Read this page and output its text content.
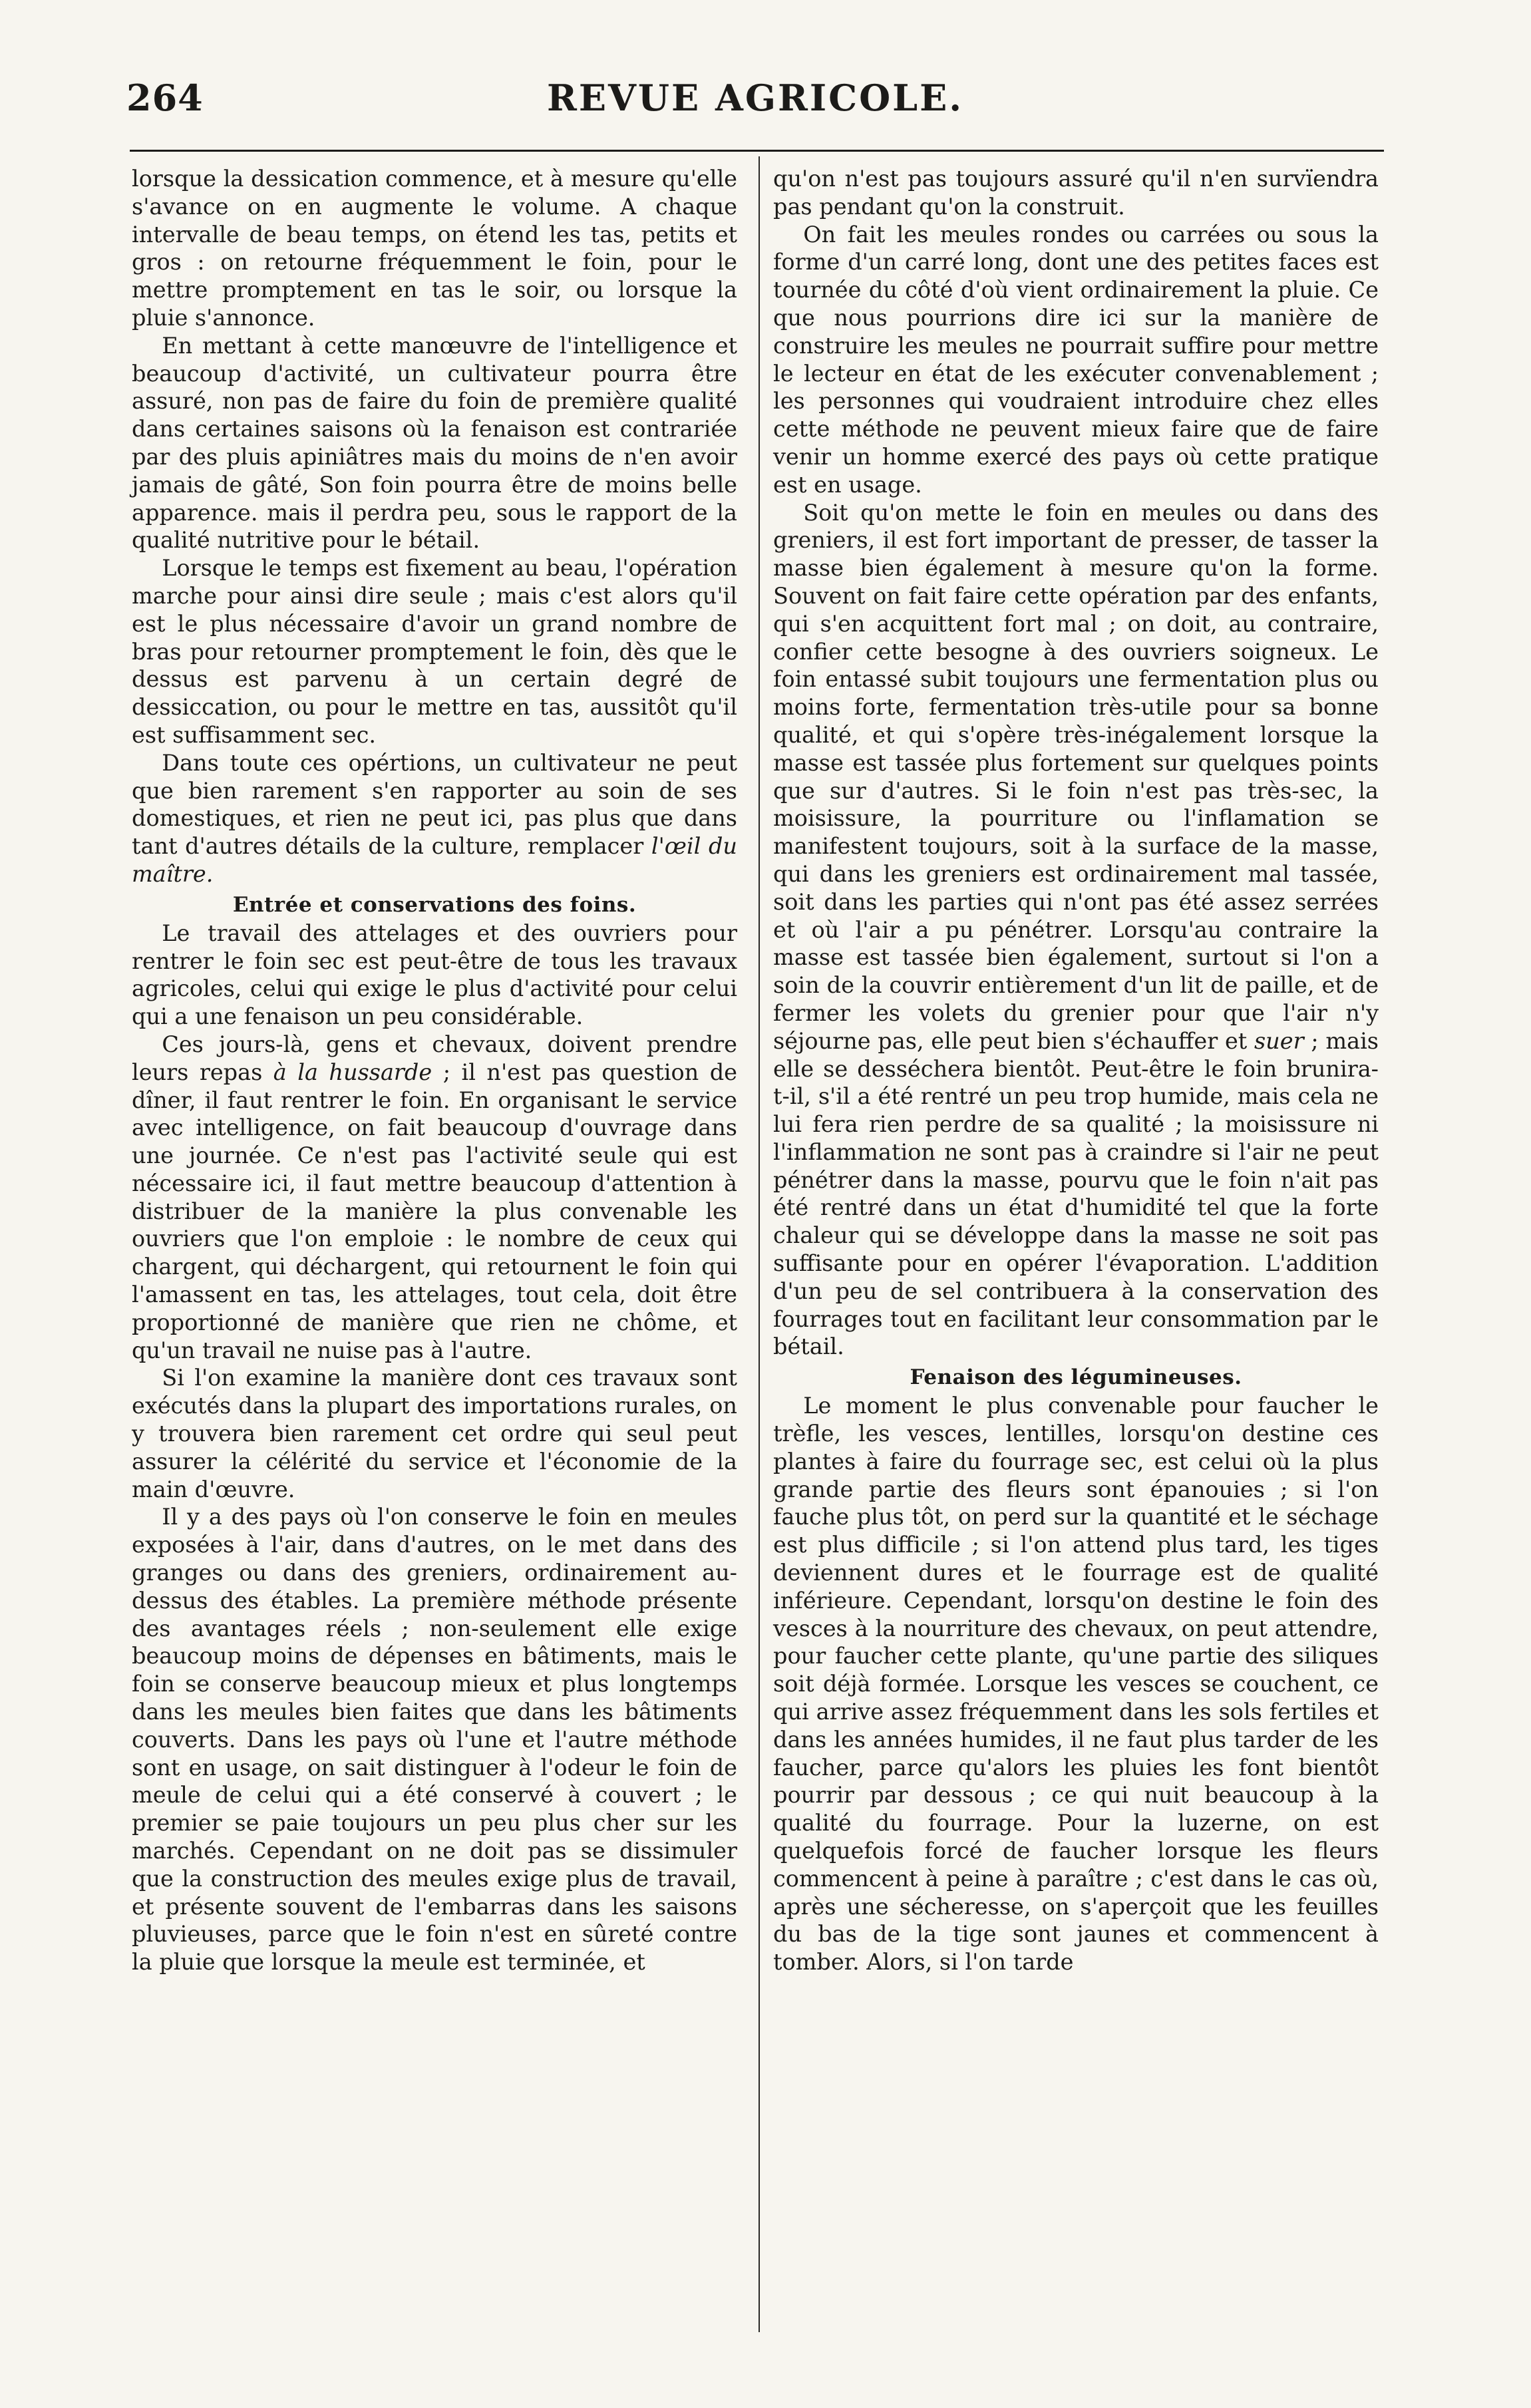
264	REVUE AGRICOLE.

lorsque la dessication commence, et à mesure qu'elle s'avance on en augmente le volume. A chaque intervalle de beau temps, on étend les tas, petits et gros : on retourne fréquemment le foin, pour le mettre promptement en tas le soir, ou lorsque la pluie s'annonce.

En mettant à cette manœuvre de l'intelligence et beaucoup d'activité, un cultivateur pourra être assuré, non pas de faire du foin de première qualité dans certaines saisons où la fenaison est contrariée par des pluis apiniâtres mais du moins de n'en avoir jamais de gâté, Son foin pourra être de moins belle apparence. mais il perdra peu, sous le rapport de la qualité nutritive pour le bétail.

Lorsque le temps est fixement au beau, l'opération marche pour ainsi dire seule ; mais c'est alors qu'il est le plus nécessaire d'avoir un grand nombre de bras pour retourner promptement le foin, dès que le dessus est parvenu à un certain degré de dessiccation, ou pour le mettre en tas, aussitôt qu'il est suffisamment sec.

Dans toute ces opértions, un cultivateur ne peut que bien rarement s'en rapporter au soin de ses domestiques, et rien ne peut ici, pas plus que dans tant d'autres détails de la culture, remplacer l'œil du maître.

Entrée et conservations des foins.

Le travail des attelages et des ouvriers pour rentrer le foin sec est peut-être de tous les travaux agricoles, celui qui exige le plus d'activité pour celui qui a une fenaison un peu considérable.

Ces jours-là, gens et chevaux, doivent prendre leurs repas à la hussarde ; il n'est pas question de dîner, il faut rentrer le foin. En organisant le service avec intelligence, on fait beaucoup d'ouvrage dans une journée. Ce n'est pas l'activité seule qui est nécessaire ici, il faut mettre beaucoup d'attention à distribuer de la manière la plus convenable les ouvriers que l'on emploie : le nombre de ceux qui chargent, qui déchargent, qui retournent le foin qui l'amassent en tas, les attelages, tout cela, doit être proportionné de manière que rien ne chôme, et qu'un travail ne nuise pas à l'autre.

Si l'on examine la manière dont ces travaux sont exécutés dans la plupart des importations rurales, on y trouvera bien rarement cet ordre qui seul peut assurer la célérité du service et l'économie de la main d'œuvre.

Il y a des pays où l'on conserve le foin en meules exposées à l'air, dans d'autres, on le met dans des granges ou dans des greniers, ordinairement au-dessus des étables. La première méthode présente des avantages réels ; non-seulement elle exige beaucoup moins de dépenses en bâtiments, mais le foin se conserve beaucoup mieux et plus longtemps dans les meules bien faites que dans les bâtiments couverts. Dans les pays où l'une et l'autre méthode sont en usage, on sait distinguer à l'odeur le foin de meule de celui qui a été conservé à couvert ; le premier se paie toujours un peu plus cher sur les marchés. Cependant on ne doit pas se dissimuler que la construction des meules exige plus de travail, et présente souvent de l'embarras dans les saisons pluvieuses, parce que le foin n'est en sûreté contre la pluie que lorsque la meule est terminée, et

qu'on n'est pas toujours assuré qu'il n'en survïendra pas pendant qu'on la construit.

On fait les meules rondes ou carrées ou sous la forme d'un carré long, dont une des petites faces est tournée du côté d'où vient ordinairement la pluie. Ce que nous pourrions dire ici sur la manière de construire les meules ne pourrait suffire pour mettre le lecteur en état de les exécuter convenablement ; les personnes qui voudraient introduire chez elles cette méthode ne peuvent mieux faire que de faire venir un homme exercé des pays où cette pratique est en usage.

Soit qu'on mette le foin en meules ou dans des greniers, il est fort important de presser, de tasser la masse bien également à mesure qu'on la forme. Souvent on fait faire cette opération par des enfants, qui s'en acquittent fort mal ; on doit, au contraire, confier cette besogne à des ouvriers soigneux. Le foin entassé subit toujours une fermentation plus ou moins forte, fermentation très-utile pour sa bonne qualité, et qui s'opère très-inégalement lorsque la masse est tassée plus fortement sur quelques points que sur d'autres. Si le foin n'est pas très-sec, la moisissure, la pourriture ou l'inflamation se manifestent toujours, soit à la surface de la masse, qui dans les greniers est ordinairement mal tassée, soit dans les parties qui n'ont pas été assez serrées et où l'air a pu pénétrer. Lorsqu'au contraire la masse est tassée bien également, surtout si l'on a soin de la couvrir entièrement d'un lit de paille, et de fermer les volets du grenier pour que l'air n'y séjourne pas, elle peut bien s'échauffer et suer ; mais elle se desséchera bientôt. Peut-être le foin brunira-t-il, s'il a été rentré un peu trop humide, mais cela ne lui fera rien perdre de sa qualité ; la moisissure ni l'inflammation ne sont pas à craindre si l'air ne peut pénétrer dans la masse, pourvu que le foin n'ait pas été rentré dans un état d'humidité tel que la forte chaleur qui se développe dans la masse ne soit pas suffisante pour en opérer l'évaporation. L'addition d'un peu de sel contribuera à la conservation des fourrages tout en facilitant leur consommation par le bétail.

Fenaison des légumineuses.

Le moment le plus convenable pour faucher le trèfle, les vesces, lentilles, lorsqu'on destine ces plantes à faire du fourrage sec, est celui où la plus grande partie des fleurs sont épanouies ; si l'on fauche plus tôt, on perd sur la quantité et le séchage est plus difficile ; si l'on attend plus tard, les tiges deviennent dures et le fourrage est de qualité inférieure. Cependant, lorsqu'on destine le foin des vesces à la nourriture des chevaux, on peut attendre, pour faucher cette plante, qu'une partie des siliques soit déjà formée. Lorsque les vesces se couchent, ce qui arrive assez fréquemment dans les sols fertiles et dans les années humides, il ne faut plus tarder de les faucher, parce qu'alors les pluies les font bientôt pourrir par dessous ; ce qui nuit beaucoup à la qualité du fourrage. Pour la luzerne, on est quelquefois forcé de faucher lorsque les fleurs commencent à peine à paraître ; c'est dans le cas où, après une sécheresse, on s'aperçoit que les feuilles du bas de la tige sont jaunes et commencent à tomber. Alors, si l'on tarde
